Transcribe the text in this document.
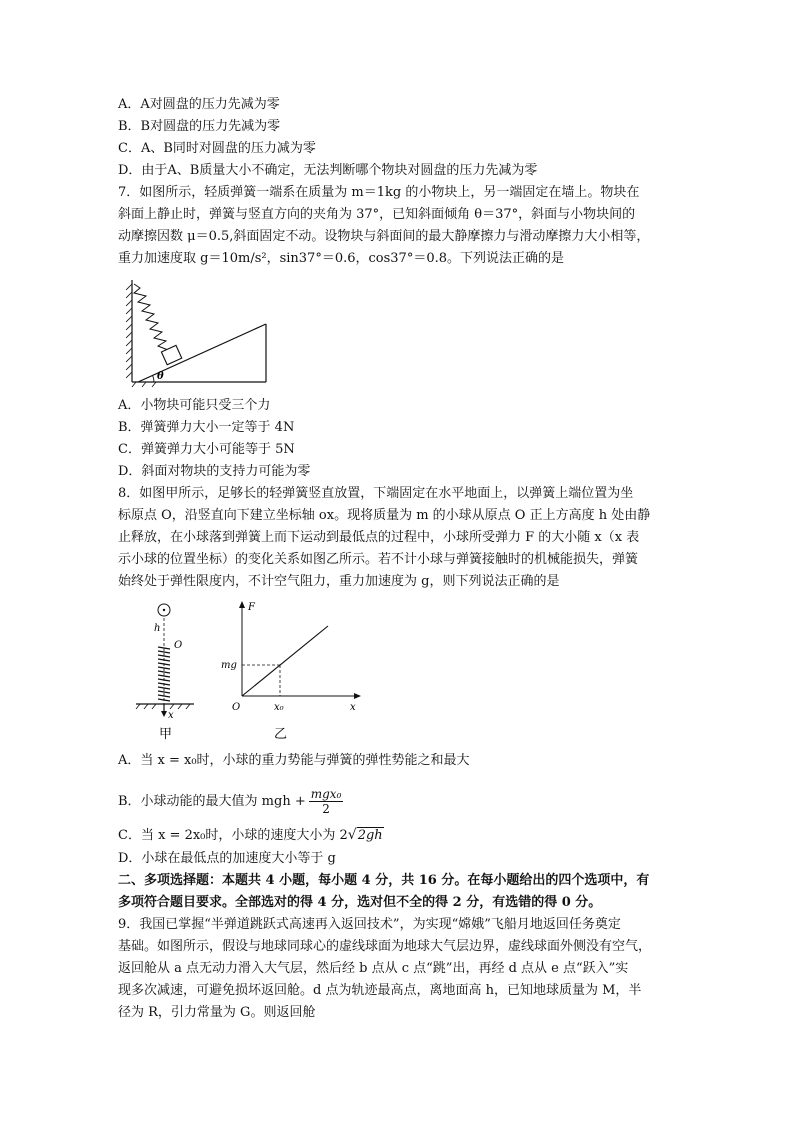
A．A对圆盘的压力先减为零
B．B对圆盘的压力先减为零
C．A、B同时对圆盘的压力减为零
D．由于A、B质量大小不确定，无法判断哪个物块对圆盘的压力先减为零
7．如图所示，轻质弹簧一端系在质量为 m＝1kg 的小物块上，另一端固定在墙上。物块在
斜面上静止时，弹簧与竖直方向的夹角为 37°，已知斜面倾角 θ＝37°，斜面与小物块间的
动摩擦因数 μ＝0.5,斜面固定不动。设物块与斜面间的最大静摩擦力与滑动摩擦力大小相等，
重力加速度取 g＝10m/s²，sin37°＝0.6，cos37°＝0.8。下列说法正确的是
θ
A．小物块可能只受三个力
B．弹簧弹力大小一定等于 4N
C．弹簧弹力大小可能等于 5N
D．斜面对物块的支持力可能为零
8．如图甲所示，足够长的轻弹簧竖直放置，下端固定在水平地面上，以弹簧上端位置为坐
标原点 O，沿竖直向下建立坐标轴 ox。现将质量为 m 的小球从原点 O 正上方高度 h 处由静
止释放，在小球落到弹簧上而下运动到最低点的过程中，小球所受弹力 F 的大小随 x（x 表
示小球的位置坐标）的变化关系如图乙所示。若不计小球与弹簧接触时的机械能损失，弹簧
始终处于弹性限度内，不计空气阻力，重力加速度为 g，则下列说法正确的是
h
O
x
甲
F
mg
O	x₀	x
乙
A．当 x = x₀时，小球的重力势能与弹簧的弹性势能之和最大
B．小球动能的最大值为 mgh + mgx₀
2
C．当 x = 2x₀时，小球的速度大小为 2√2gh
D．小球在最低点的加速度大小等于 g
二、多项选择题：本题共 4 小题，每小题 4 分，共 16 分。在每小题给出的四个选项中，有
多项符合题目要求。全部选对的得 4 分，选对但不全的得 2 分，有选错的得 0 分。
9．我国已掌握“半弹道跳跃式高速再入返回技术”，为实现“嫦娥”飞船月地返回任务奠定
基础。如图所示，假设与地球同球心的虚线球面为地球大气层边界，虚线球面外侧没有空气，
返回舱从 a 点无动力滑入大气层，然后经 b 点从 c 点“跳”出，再经 d 点从 e 点“跃入”实
现多次减速，可避免损坏返回舱。d 点为轨迹最高点，离地面高 h，已知地球质量为 M，半
径为 R，引力常量为 G。则返回舱
